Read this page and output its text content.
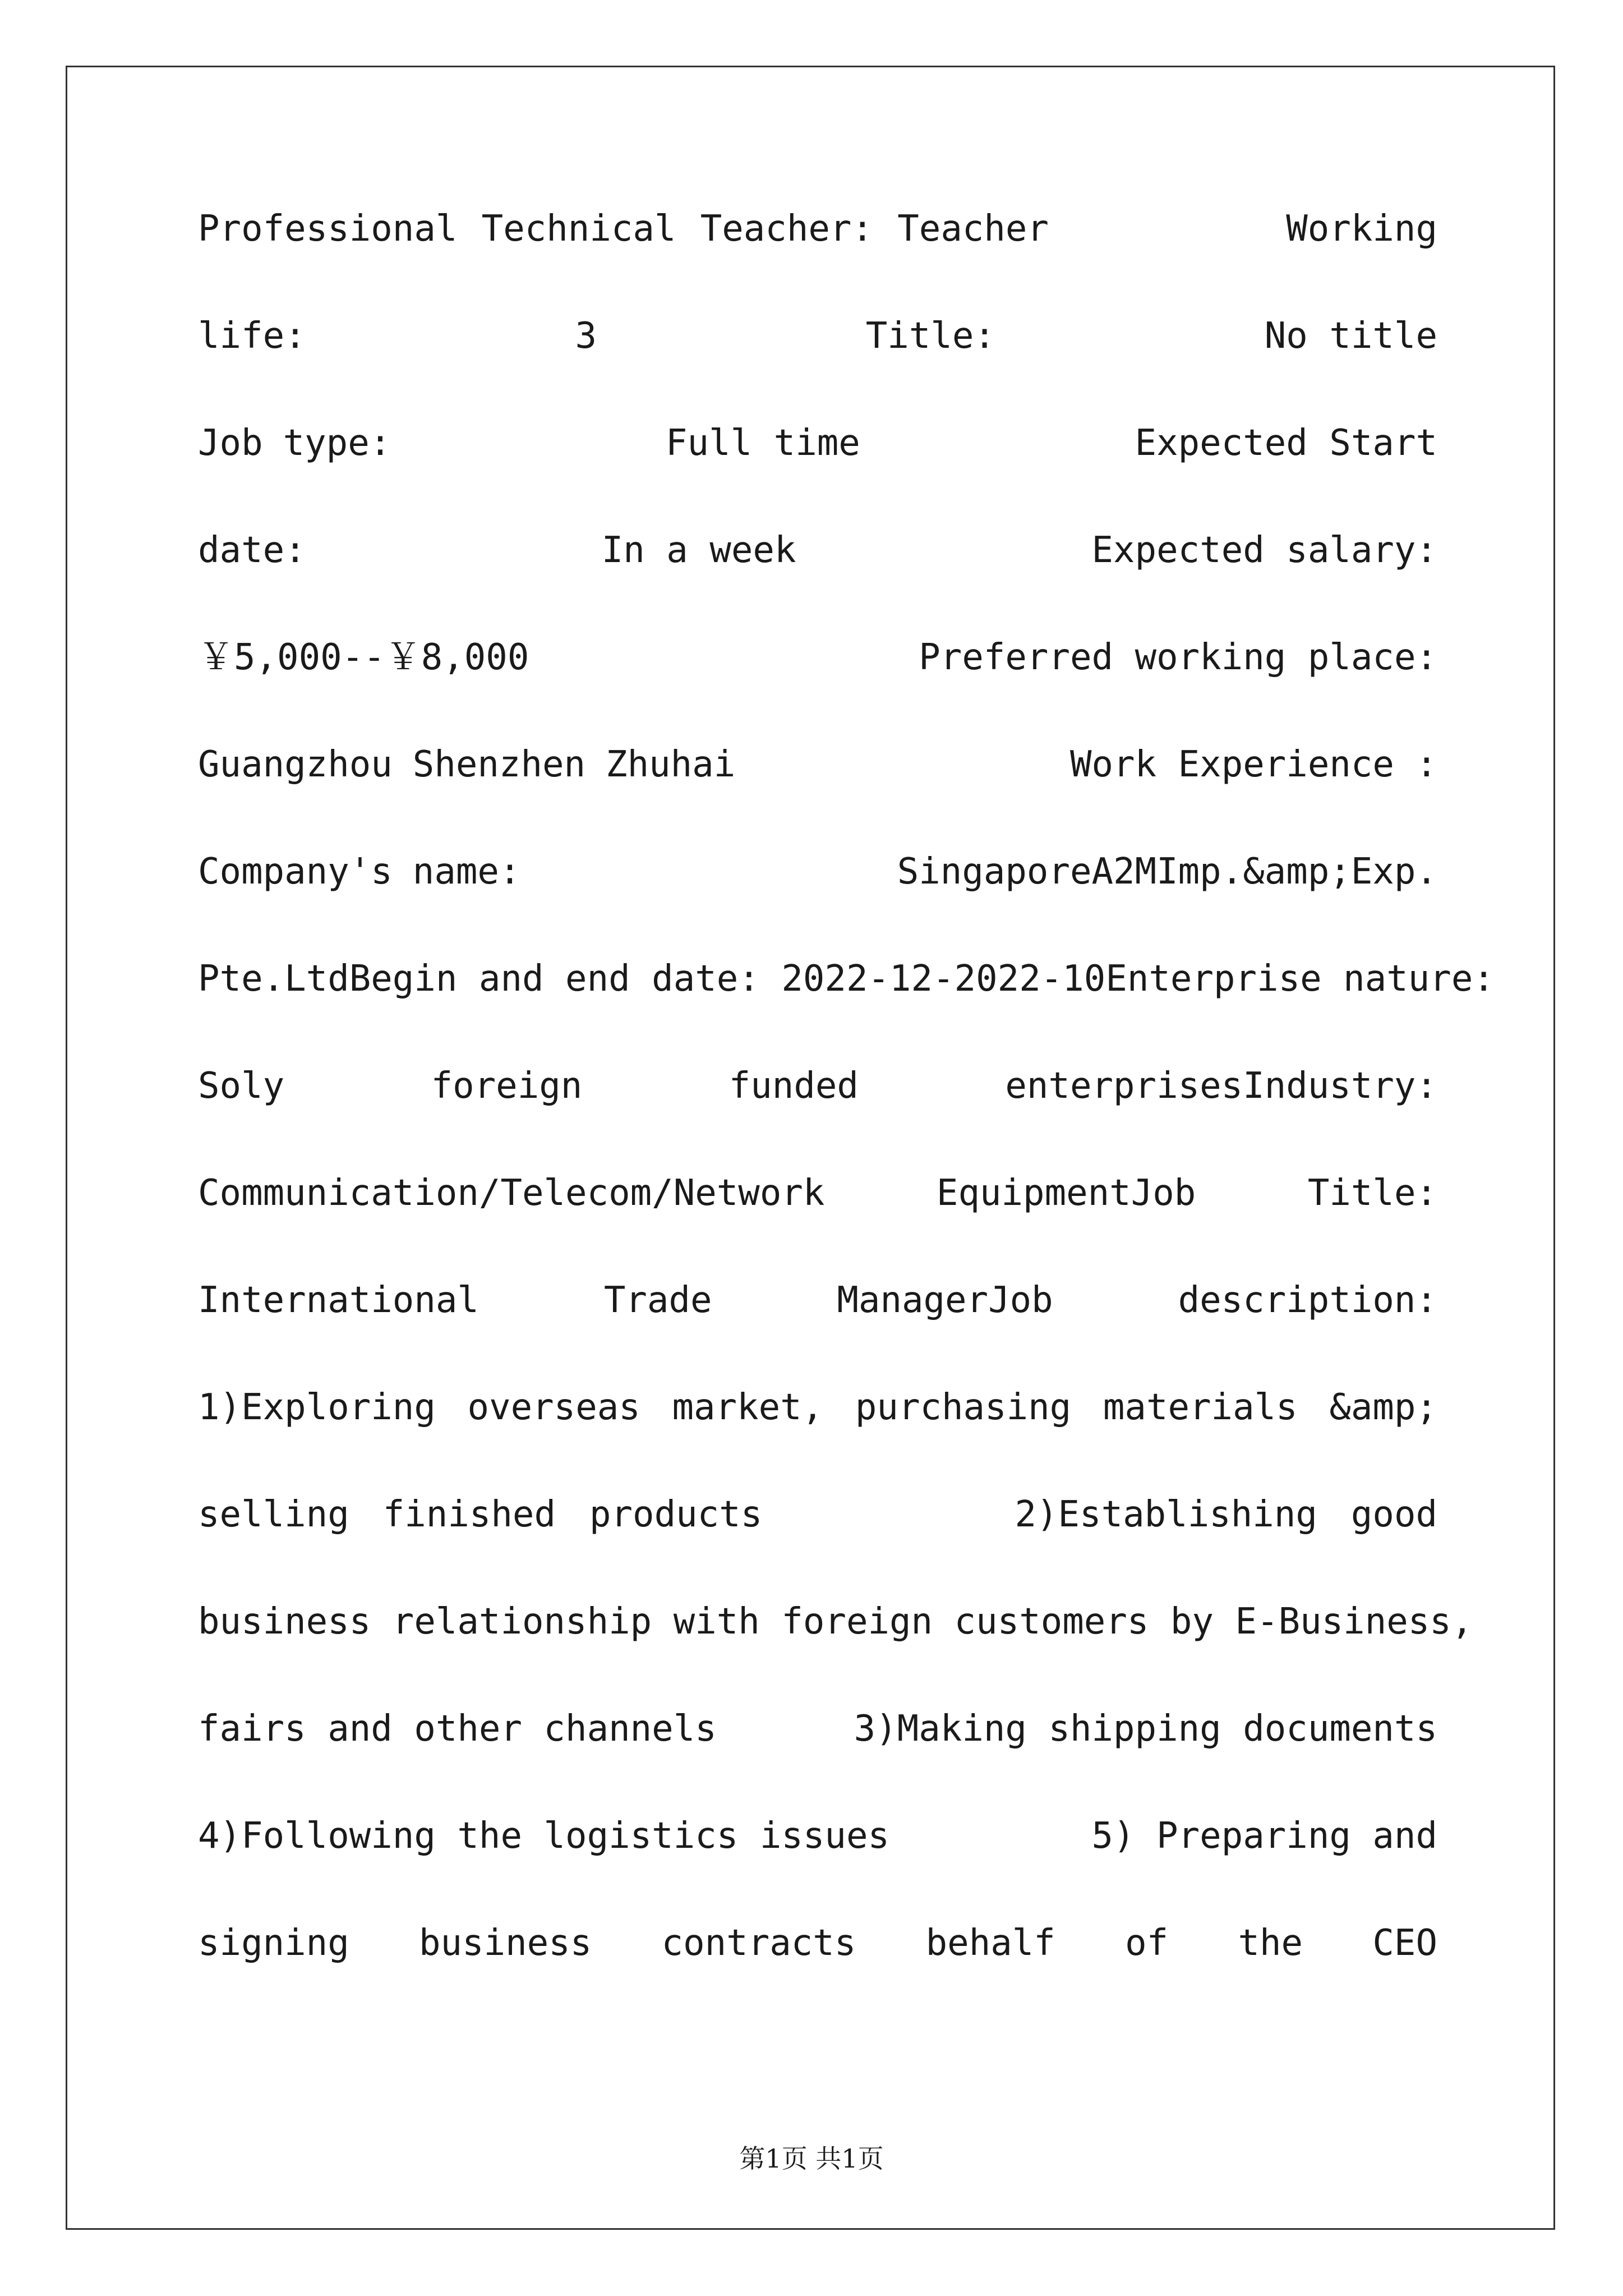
Professional Technical Teacher: Teacher	Working
life:	3	Title:	No title
Job type:	Full time	Expected Start
date:	In a week	Expected salary:
￥5,000--￥8,000	Preferred working place:
Guangzhou Shenzhen Zhuhai	Work Experience :
Company's name:	Singapore A2M Imp. &amp; Exp.
Pte.LtdBegin and end date: 2022-12-2022-10Enterprise nature:
Soly	foreign	funded	enterprisesIndustry:
Communication/Telecom/Network	EquipmentJob	Title:
International	Trade	ManagerJob	description:
1)Exploring overseas market, purchasing materials &amp;
selling finished products	2)Establishing good
business relationship with foreign customers by E-Business,
fairs and other channels	3)Making shipping documents
4)Following the logistics issues	5) Preparing and
signing business contracts behalf of the CEO
第1页 共1页
